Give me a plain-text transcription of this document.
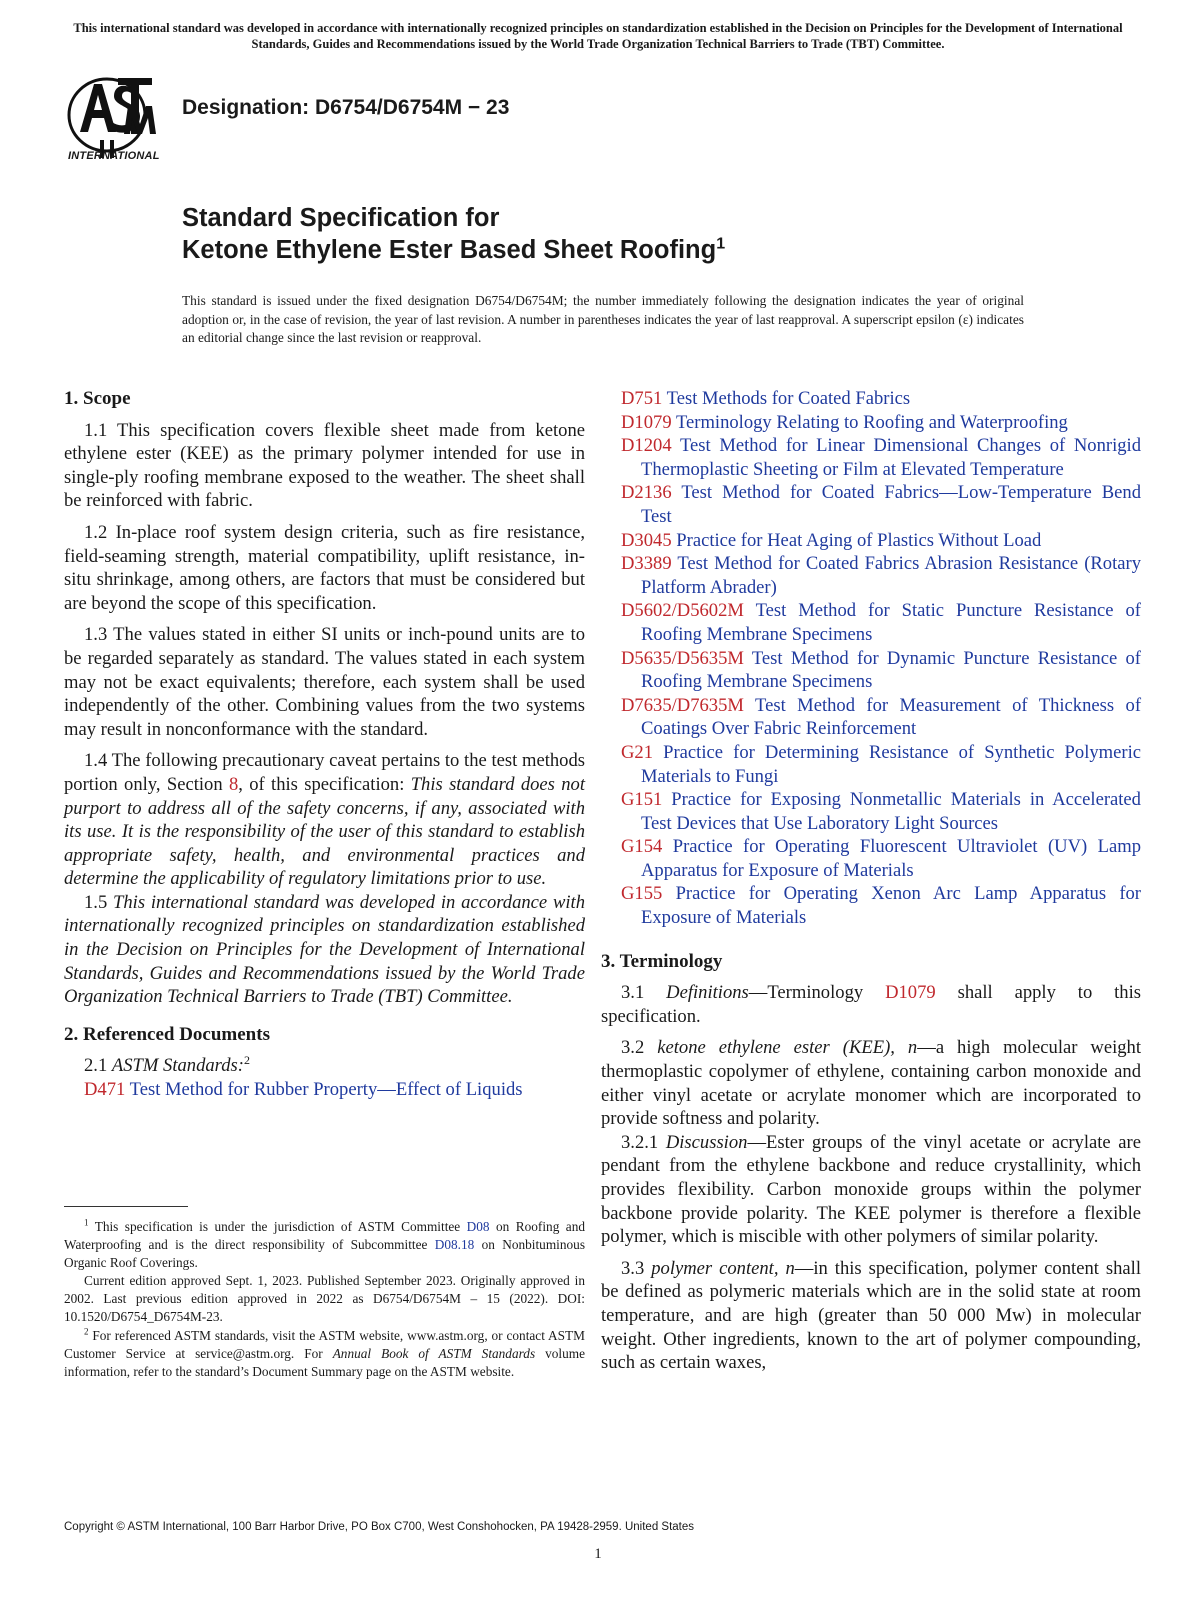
This international standard was developed in accordance with internationally recognized principles on standardization established in the Decision on Principles for the Development of International Standards, Guides and Recommendations issued by the World Trade Organization Technical Barriers to Trade (TBT) Committee.
INTERNATIONAL
Designation: D6754/D6754M − 23
Standard Specification for
Ketone Ethylene Ester Based Sheet Roofing$^1$
This standard is issued under the fixed designation D6754/D6754M; the number immediately following the designation indicates the year of original adoption or, in the case of revision, the year of last revision. A number in parentheses indicates the year of last reapproval. A superscript epsilon (ε) indicates an editorial change since the last revision or reapproval.
1. Scope

1.1 This specification covers flexible sheet made from ketone ethylene ester (KEE) as the primary polymer intended for use in single-ply roofing membrane exposed to the weather. The sheet shall be reinforced with fabric.

1.2 In-place roof system design criteria, such as fire resistance, field-seaming strength, material compatibility, uplift resistance, in-situ shrinkage, among others, are factors that must be considered but are beyond the scope of this specification.

1.3 The values stated in either SI units or inch-pound units are to be regarded separately as standard. The values stated in each system may not be exact equivalents; therefore, each system shall be used independently of the other. Combining values from the two systems may result in nonconformance with the standard.

1.4 The following precautionary caveat pertains to the test methods portion only, Section 8, of this specification: This standard does not purport to address all of the safety concerns, if any, associated with its use. It is the responsibility of the user of this standard to establish appropriate safety, health, and environmental practices and determine the applicability of regulatory limitations prior to use.

1.5 This international standard was developed in accordance with internationally recognized principles on standardization established in the Decision on Principles for the Development of International Standards, Guides and Recommendations issued by the World Trade Organization Technical Barriers to Trade (TBT) Committee.

2. Referenced Documents

2.1 ASTM Standards:$^2$

D471 Test Method for Rubber Property—Effect of Liquids

D751 Test Methods for Coated Fabrics

D1079 Terminology Relating to Roofing and Waterproofing

D1204 Test Method for Linear Dimensional Changes of Nonrigid Thermoplastic Sheeting or Film at Elevated Temperature

D2136 Test Method for Coated Fabrics—Low-Temperature Bend Test

D3045 Practice for Heat Aging of Plastics Without Load

D3389 Test Method for Coated Fabrics Abrasion Resistance (Rotary Platform Abrader)

D5602/D5602M Test Method for Static Puncture Resistance of Roofing Membrane Specimens

D5635/D5635M Test Method for Dynamic Puncture Resistance of Roofing Membrane Specimens

D7635/D7635M Test Method for Measurement of Thickness of Coatings Over Fabric Reinforcement

G21 Practice for Determining Resistance of Synthetic Polymeric Materials to Fungi

G151 Practice for Exposing Nonmetallic Materials in Accelerated Test Devices that Use Laboratory Light Sources

G154 Practice for Operating Fluorescent Ultraviolet (UV) Lamp Apparatus for Exposure of Materials

G155 Practice for Operating Xenon Arc Lamp Apparatus for Exposure of Materials

3. Terminology

3.1 Definitions—Terminology D1079 shall apply to this specification.

3.2 ketone ethylene ester (KEE), n—a high molecular weight thermoplastic copolymer of ethylene, containing carbon monoxide and either vinyl acetate or acrylate monomer which are incorporated to provide softness and polarity.

3.2.1 Discussion—Ester groups of the vinyl acetate or acrylate are pendant from the ethylene backbone and reduce crystallinity, which provides flexibility. Carbon monoxide groups within the polymer backbone provide polarity. The KEE polymer is therefore a flexible polymer, which is miscible with other polymers of similar polarity.

3.3 polymer content, n—in this specification, polymer content shall be defined as polymeric materials which are in the solid state at room temperature, and are high (greater than 50 000 Mw) in molecular weight. Other ingredients, known to the art of polymer compounding, such as certain waxes,

$^1$ This specification is under the jurisdiction of ASTM Committee D08 on Roofing and Waterproofing and is the direct responsibility of Subcommittee D08.18 on Nonbituminous Organic Roof Coverings.

Current edition approved Sept. 1, 2023. Published September 2023. Originally approved in 2002. Last previous edition approved in 2022 as D6754/D6754M – 15 (2022). DOI: 10.1520/D6754_D6754M-23.

$^2$ For referenced ASTM standards, visit the ASTM website, www.astm.org, or contact ASTM Customer Service at service@astm.org. For Annual Book of ASTM Standards volume information, refer to the standard’s Document Summary page on the ASTM website.

Copyright © ASTM International, 100 Barr Harbor Drive, PO Box C700, West Conshohocken, PA 19428-2959. United States
1
